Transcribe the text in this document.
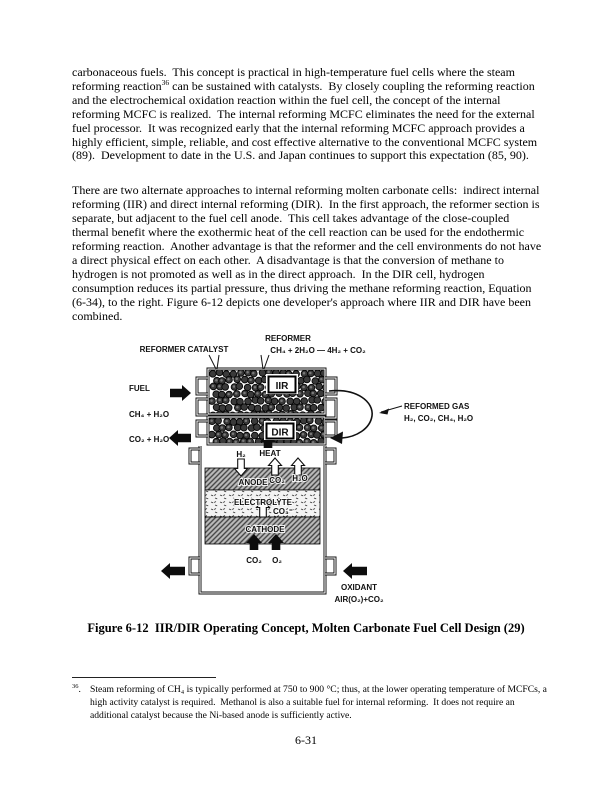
carbonaceous fuels.  This concept is practical in high-temperature fuel cells where the steam reforming reaction$^{36}$ can be sustained with catalysts.  By closely coupling the reforming reaction and the electrochemical oxidation reaction within the fuel cell, the concept of the internal reforming MCFC is realized.  The internal reforming MCFC eliminates the need for the external fuel processor.  It was recognized early that the internal reforming MCFC approach provides a highly efficient, simple, reliable, and cost effective alternative to the conventional MCFC system (89).  Development to date in the U.S. and Japan continues to support this expectation (85, 90).

There are two alternate approaches to internal reforming molten carbonate cells:  indirect internal reforming (IIR) and direct internal reforming (DIR).  In the first approach, the reformer section is separate, but adjacent to the fuel cell anode.  This cell takes advantage of the close-coupled thermal benefit where the exothermic heat of the cell reaction can be used for the endothermic reforming reaction.  Another advantage is that the reformer and the cell environments do not have a direct physical effect on each other.  A disadvantage is that the conversion of methane to hydrogen is not promoted as well as in the direct approach.  In the DIR cell, hydrogen consumption reduces its partial pressure, thus driving the methane reforming reaction, Equation (6-34), to the right. Figure 6-12 depicts one developer's approach where IIR and DIR have been combined.

REFORMER CATALYST
REFORMER
CH₄ + 2H₂O — 4H₂ + CO₂
FUEL
CH₄ + H₂O
CO₂ + H₂O
IIR
DIR
HEAT
H₂
REFORMED GAS
H₂, CO₂, CH₄, H₂O
ANODE CO₂ H₂O
ELECTROLYTE
CO₃⁼
CATHODE
CO₂ O₂
OXIDANT
AIR(O₂)+CO₂
Figure 6-12  IIR/DIR Operating Concept, Molten Carbonate Fuel Cell Design (29)
$^{36}$. Steam reforming of CH₄ is typically performed at 750 to 900 °C; thus, at the lower operating temperature of MCFCs, a high activity catalyst is required.  Methanol is also a suitable fuel for internal reforming.  It does not require an additional catalyst because the Ni-based anode is sufficiently active.
6-31
